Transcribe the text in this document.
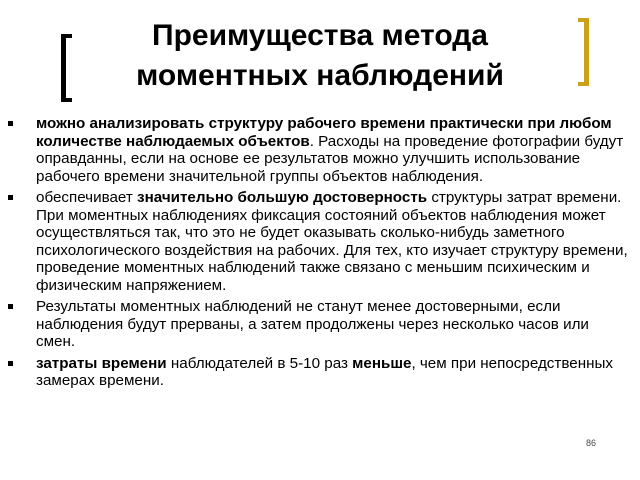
Преимущества метода
моментных наблюдений
можно анализировать структуру рабочего времени практически при любом количестве наблюдаемых объектов. Расходы на проведение фотографии будут оправданны, если на основе ее результатов можно улучшить использование рабочего времени значительной группы объектов наблюдения.
обеспечивает значительно большую достоверность структуры затрат времени. При моментных наблюдениях фиксация состояний объектов наблюдения может осуществляться так, что это не будет оказывать сколько-нибудь заметного психологического воздействия на рабочих. Для тех, кто изучает структуру времени, проведение моментных наблюдений также связано с меньшим психическим и физическим напряжением.
Результаты моментных наблюдений не станут менее достоверными, если наблюдения будут прерваны, а затем продолжены через несколько часов или смен.
затраты времени наблюдателей в 5-10 раз меньше, чем при непосредственных замерах времени.
86
